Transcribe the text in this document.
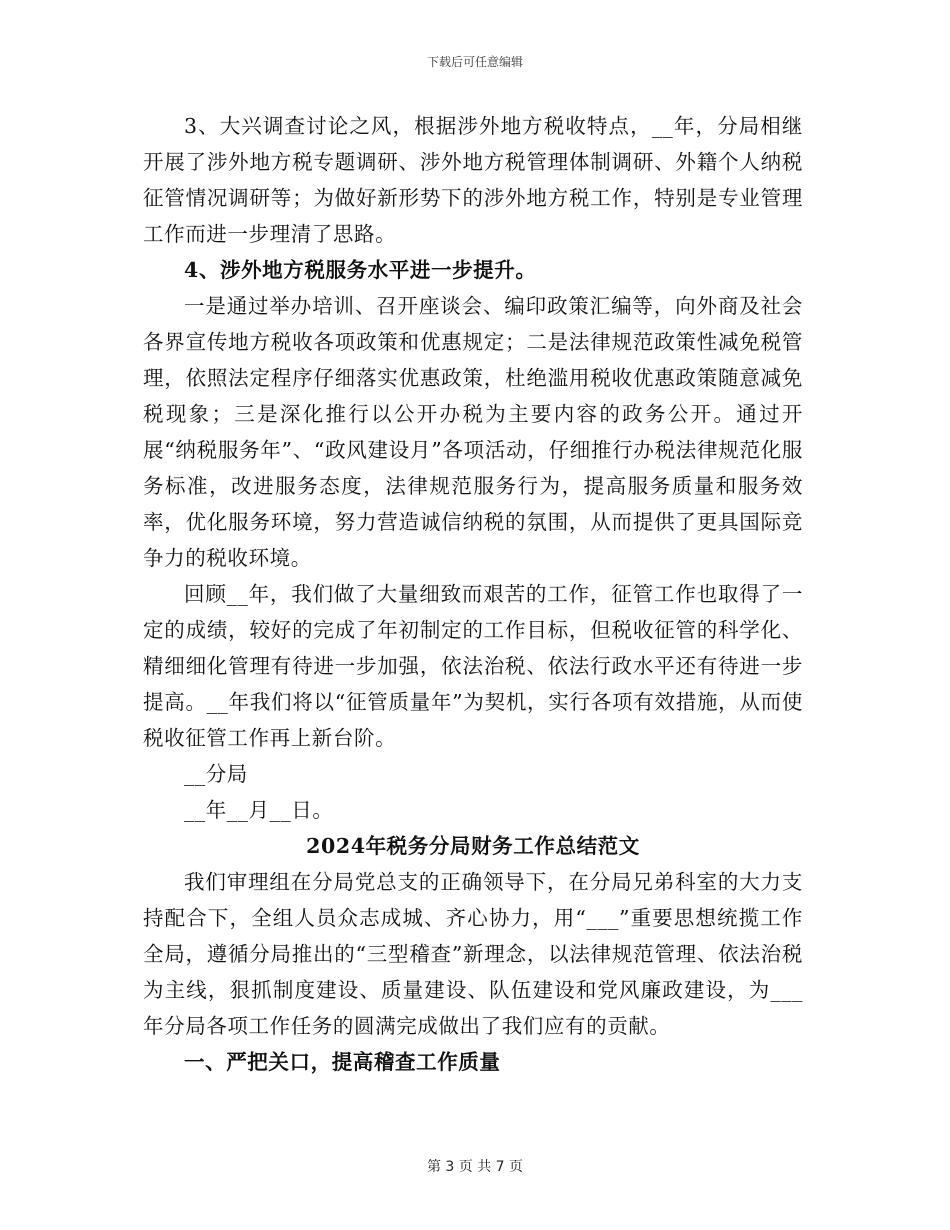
下载后可任意编辑

3、大兴调查讨论之风，根据涉外地方税收特点，__年，分局相继开展了涉外地方税专题调研、涉外地方税管理体制调研、外籍个人纳税征管情况调研等；为做好新形势下的涉外地方税工作，特别是专业管理工作而进一步理清了思路。

4、涉外地方税服务水平进一步提升。

一是通过举办培训、召开座谈会、编印政策汇编等，向外商及社会各界宣传地方税收各项政策和优惠规定；二是法律规范政策性减免税管理，依照法定程序仔细落实优惠政策，杜绝滥用税收优惠政策随意减免税现象；三是深化推行以公开办税为主要内容的政务公开。通过开展“纳税服务年”、“政风建设月”各项活动，仔细推行办税法律规范化服务标准，改进服务态度，法律规范服务行为，提高服务质量和服务效率，优化服务环境，努力营造诚信纳税的氛围，从而提供了更具国际竞争力的税收环境。

回顾__年，我们做了大量细致而艰苦的工作，征管工作也取得了一定的成绩，较好的完成了年初制定的工作目标，但税收征管的科学化、精细细化管理有待进一步加强，依法治税、依法行政水平还有待进一步提高。__年我们将以“征管质量年”为契机，实行各项有效措施，从而使税收征管工作再上新台阶。

__分局

__年__月__日。

2024年税务分局财务工作总结范文

我们审理组在分局党总支的正确领导下，在分局兄弟科室的大力支持配合下，全组人员众志成城、齐心协力，用“___”重要思想统揽工作全局，遵循分局推出的“三型稽查”新理念，以法律规范管理、依法治税为主线，狠抓制度建设、质量建设、队伍建设和党风廉政建设，为___年分局各项工作任务的圆满完成做出了我们应有的贡献。

一、严把关口，提高稽查工作质量

第 3 页 共 7 页
